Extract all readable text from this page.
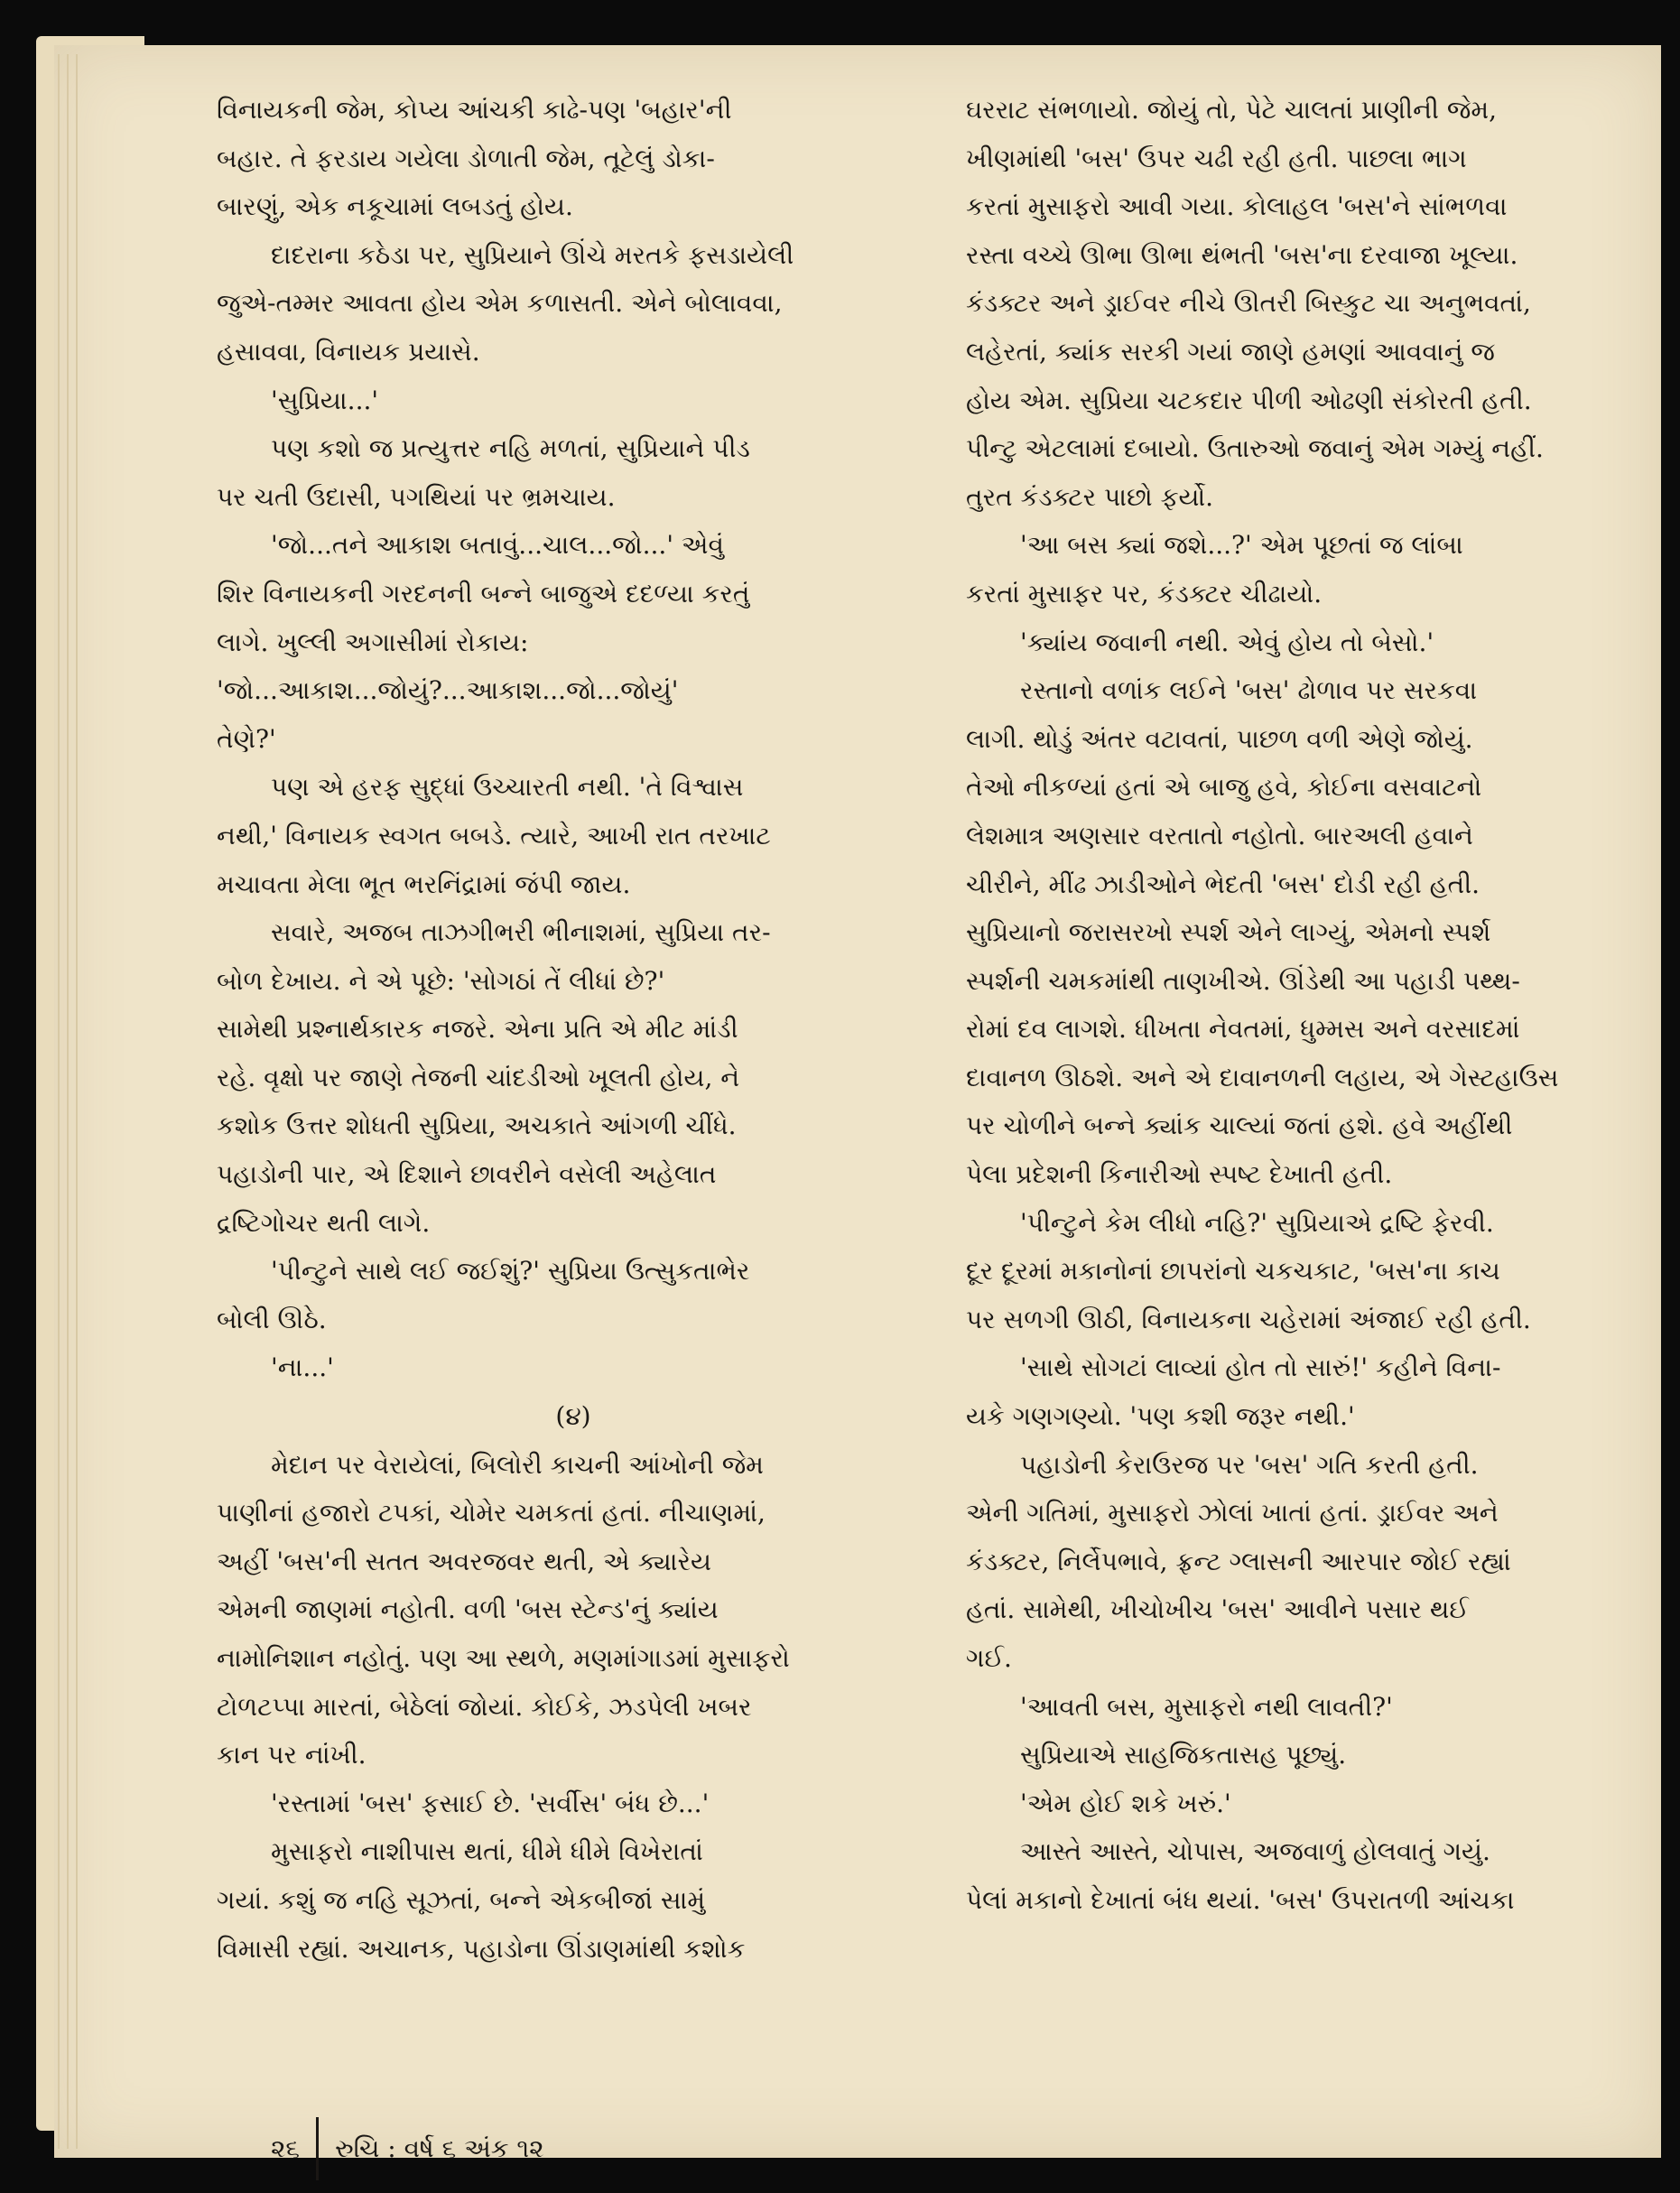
વિનાયકની જેમ, કોપ્ય આંચકી કાઢે-પણ 'બહાર'ની
બહાર. તે ફરડાય ગયેલા ડોળાતી જેમ, તૂટેલું ડોકા-
બારણું, એક નકૂચામાં લબડતું હોય.
દાદરાના કઠેડા પર, સુપ્રિયાને ઊંચે મરતકે ફસડાયેલી
જુએ-તમ્મર આવતા હોય એમ કળાસતી. એને બોલાવવા,
હસાવવા, વિનાયક પ્રયાસે.
'સુપ્રિયા...'
પણ કશો જ પ્રત્યુત્તર નહિ મળતાં, સુપ્રિયાને પીડ
પર ચતી ઉદાસી, પગથિયાં પર ભ્રમચાય.
'જો...તને આકાશ બતાવું...ચાલ...જો...' એવું
શિર વિનાયકની ગરદનની બન્ને બાજુએ દદળ્યા કરતું
લાગે. ખુલ્લી અગાસીમાં રોકાય:
'જો...આકાશ...જોયું?...આકાશ...જો...જોયું'
તેણે?'
પણ એ હરફ સુદ્ધાં ઉચ્ચારતી નથી. 'તે વિશ્વાસ
નથી,' વિનાયક સ્વગત બબડે. ત્યારે, આખી રાત તરખાટ
મચાવતા મેલા ભૂત ભરનિંદ્રામાં જંપી જાય.
સવારે, અજબ તાઝગીભરી ભીનાશમાં, સુપ્રિયા તર-
બોળ દેખાય. ને એ પૂછે: 'સોગઠાં તેં લીધાં છે?'
સામેથી પ્રશ્નાર્થકારક નજરે. એના પ્રતિ એ મીટ માંડી
રહે. વૃક્ષો પર જાણે તેજની ચાંદડીઓ ખૂલતી હોય, ને
કશોક ઉત્તર શોધતી સુપ્રિયા, અચકાતે આંગળી ચીંધે.
પહાડોની પાર, એ દિશાને છાવરીને વસેલી અહેલાત
દ્રષ્ટિગોચર થતી લાગે.
'પીન્ટુને સાથે લઈ જઈશું?' સુપ્રિયા ઉત્સુકતાભેર
બોલી ઊઠે.
'ના...'
(૪)
મેદાન પર વેરાયેલાં, બિલોરી કાચની આંખોની જેમ
પાણીનાં હજારો ટપકાં, ચોમેર ચમકતાં હતાં. નીચાણમાં,
અહીં 'બસ'ની સતત અવરજવર થતી, એ ક્યારેય
એમની જાણમાં નહોતી. વળી 'બસ સ્ટેન્ડ'નું ક્યાંય
નામોનિશાન નહોતું. પણ આ સ્થળે, મણમાંગાડમાં મુસાફરો
ટોળટપ્પા મારતાં, બેઠેલાં જોયાં. કોઈકે, ઝડપેલી ખબર
કાન પર નાંખી.
'રસ્તામાં 'બસ' ફસાઈ છે. 'સર્વીસ' બંધ છે...'
મુસાફરો નાશીપાસ થતાં, ધીમે ધીમે વિખેરાતાં
ગયાં. કશું જ નહિ સૂઝતાં, બન્ને એકબીજાં સામું
વિમાસી રહ્યાં. અચાનક, પહાડોના ઊંડાણમાંથી કશોક
ઘરરાટ સંભળાયો. જોયું તો, પેટે ચાલતાં પ્રાણીની જેમ,
ખીણમાંથી 'બસ' ઉપર ચઢી રહી હતી. પાછલા ભાગ
કરતાં મુસાફરો આવી ગયા. કોલાહલ 'બસ'ને સાંભળવા
રસ્તા વચ્ચે ઊભા ઊભા થંભતી 'બસ'ના દરવાજા ખૂલ્યા.
કંડક્ટર અને ડ્રાઈવર નીચે ઊતરી બિસ્કુટ ચા અનુભવતાં,
લહેરતાં, ક્યાંક સરકી ગયાં જાણે હમણાં આવવાનું જ
હોય એમ. સુપ્રિયા ચટકદાર પીળી ઓઢણી સંકોરતી હતી.
પીન્ટુ એટલામાં દબાયો. ઉતારુઓ જવાનું એમ ગમ્યું નહીં.
તુરત કંડક્ટર પાછો ફર્યો.
'આ બસ ક્યાં જશે...?' એમ પૂછતાં જ લાંબા
કરતાં મુસાફર પર, કંડક્ટર ચીઢાયો.
'ક્યાંય જવાની નથી. એવું હોય તો બેસો.'
રસ્તાનો વળાંક લઈને 'બસ' ઢોળાવ પર સરકવા
લાગી. થોડું અંતર વટાવતાં, પાછળ વળી એણે જોયું.
તેઓ નીકળ્યાં હતાં એ બાજુ હવે, કોઈના વસવાટનો
લેશમાત્ર અણસાર વરતાતો નહોતો. બારઅલી હવાને
ચીરીને, મીંઢ ઝાડીઓને ભેદતી 'બસ' દોડી રહી હતી.
સુપ્રિયાનો જરાસરખો સ્પર્શ એને લાગ્યું, એમનો સ્પર્શ
સ્પર્શની ચમકમાંથી તાણખીએ. ઊંડેથી આ પહાડી પથ્થ-
રોમાં દવ લાગશે. ધીખતા નેવતમાં, ધુમ્મસ અને વરસાદમાં
દાવાનળ ઊઠશે. અને એ દાવાનળની લહાય, એ ગેસ્ટહાઉસ
પર ચોળીને બન્ને ક્યાંક ચાલ્યાં જતાં હશે. હવે અહીંથી
પેલા પ્રદેશની કિનારીઓ સ્પષ્ટ દેખાતી હતી.
'પીન્ટુને કેમ લીધો નહિ?' સુપ્રિયાએ દ્રષ્ટિ ફેરવી.
દૂર દૂરમાં મકાનોનાં છાપરાંનો ચકચકાટ, 'બસ'ના કાચ
પર સળગી ઊઠી, વિનાયકના ચહેરામાં અંજાઈ રહી હતી.
'સાથે સોગટાં લાવ્યાં હોત તો સારું!' કહીને વિના-
યકે ગણગણ્યો. 'પણ કશી જરૂર નથી.'
પહાડોની કેરાઉરજ પર 'બસ' ગતિ કરતી હતી.
એની ગતિમાં, મુસાફરો ઝોલાં ખાતાં હતાં. ડ્રાઈવર અને
કંડક્ટર, નિર્લેપભાવે, ફ્રન્ટ ગ્લાસની આરપાર જોઈ રહ્યાં
હતાં. સામેથી, ખીચોખીચ 'બસ' આવીને પસાર થઈ
ગઈ.
'આવતી બસ, મુસાફરો નથી લાવતી?'
સુપ્રિયાએ સાહજિકતાસહ પૂછ્યું.
'એમ હોઈ શકે ખરું.'
આસ્તે આસ્તે, ચોપાસ, અજવાળું હોલવાતું ગયું.
પેલાં મકાનો દેખાતાં બંધ થયાં. 'બસ' ઉપરાતળી આંચકા
૨૬ રુચિ : વર્ષ ૬ અંક ૧૨
